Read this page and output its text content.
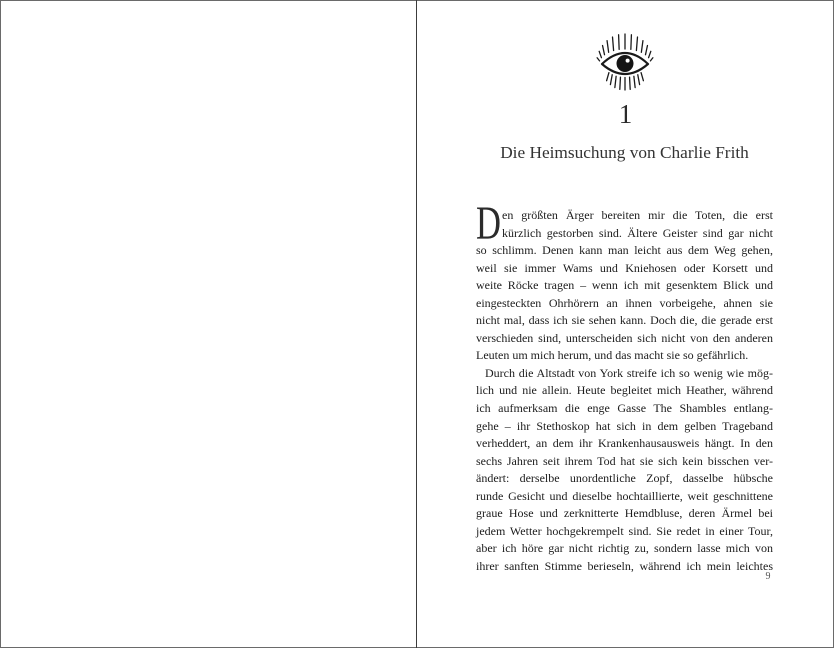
1
Die Heimsuchung von Charlie Frith
D en größten Ärger bereiten mir die Toten, die erst
kürzlich gestorben sind. Ältere Geister sind gar nicht
so schlimm. Denen kann man leicht aus dem Weg gehen,
weil sie immer Wams und Kniehosen oder Korsett und
weite Röcke tragen – wenn ich mit gesenktem Blick und
eingesteckten Ohrhörern an ihnen vorbeigehe, ahnen sie
nicht mal, dass ich sie sehen kann. Doch die, die gerade erst
verschieden sind, unterscheiden sich nicht von den anderen
Leuten um mich herum, und das macht sie so gefährlich.
Durch die Altstadt von York streife ich so wenig wie mög-
lich und nie allein. Heute begleitet mich Heather, während
ich aufmerksam die enge Gasse The Shambles entlang-
gehe – ihr Stethoskop hat sich in dem gelben Trageband
verheddert, an dem ihr Krankenhausausweis hängt. In den
sechs Jahren seit ihrem Tod hat sie sich kein bisschen ver-
ändert: derselbe unordentliche Zopf, dasselbe hübsche
runde Gesicht und dieselbe hochtaillierte, weit geschnittene
graue Hose und zerknitterte Hemdbluse, deren Ärmel bei
jedem Wetter hochgekrempelt sind. Sie redet in einer Tour,
aber ich höre gar nicht richtig zu, sondern lasse mich von
ihrer sanften Stimme berieseln, während ich mein leichtes
9
